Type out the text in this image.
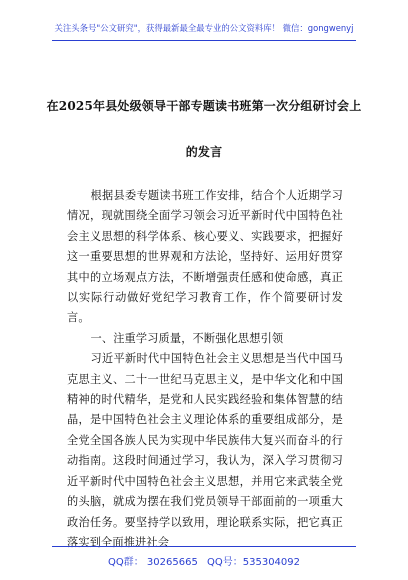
关注头条号"公文研究"，获得最新最全最专业的公文资料库！ 微信：gongwenyj
在2025年县处级领导干部专题读书班第一次分组研讨会上
的发言

根据县委专题读书班工作安排，结合个人近期学习情况，现就围绕全面学习领会习近平新时代中国特色社会主义思想的科学体系、核心要义、实践要求，把握好这一重要思想的世界观和方法论，坚持好、运用好贯穿其中的立场观点方法，不断增强责任感和使命感，真正以实际行动做好党纪学习教育工作，作个简要研讨发言。

一、注重学习质量，不断强化思想引领

习近平新时代中国特色社会主义思想是当代中国马克思主义、二十一世纪马克思主义，是中华文化和中国精神的时代精华，是党和人民实践经验和集体智慧的结晶，是中国特色社会主义理论体系的重要组成部分，是全党全国各族人民为实现中华民族伟大复兴而奋斗的行动指南。这段时间通过学习，我认为，深入学习贯彻习近平新时代中国特色社会主义思想，并用它来武装全党的头脑，就成为摆在我们党员领导干部面前的一项重大政治任务。要坚持学以致用，理论联系实际，把它真正落实到全面推进社会

QQ群： 30265665 QQ号：535304092
